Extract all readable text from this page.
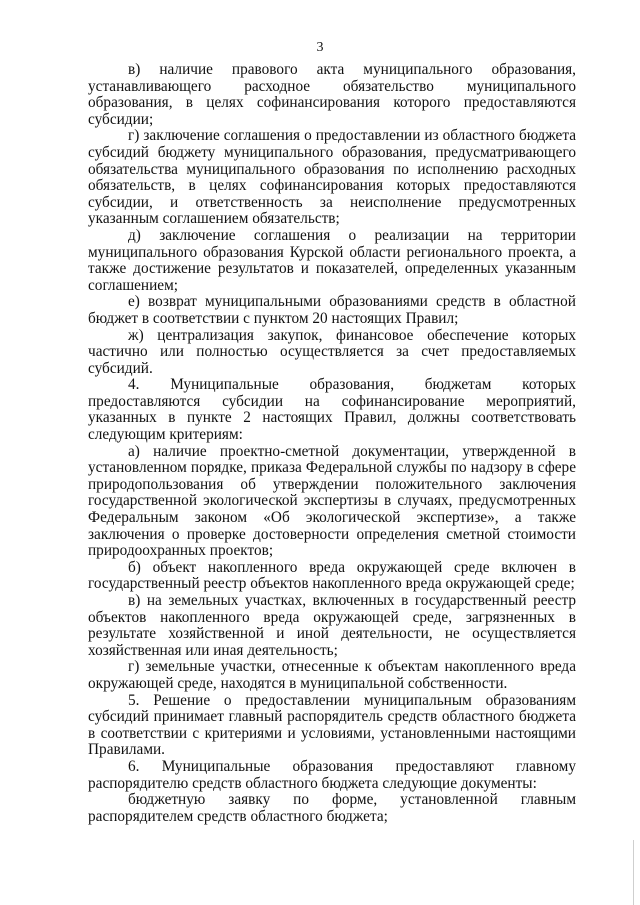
3

в) наличие правового акта муниципального образования, устанавливающего расходное обязательство муниципального образования, в целях софинансирования которого предоставляются субсидии;

г) заключение соглашения о предоставлении из областного бюджета субсидий бюджету муниципального образования, предусматривающего обязательства муниципального образования по исполнению расходных обязательств, в целях софинансирования которых предоставляются субсидии, и ответственность за неисполнение предусмотренных указанным соглашением обязательств;

д) заключение соглашения о реализации на территории муниципального образования Курской области регионального проекта, а также достижение результатов и показателей, определенных указанным соглашением;

е) возврат муниципальными образованиями средств в областной бюджет в соответствии с пунктом 20 настоящих Правил;

ж) централизация закупок, финансовое обеспечение которых частично или полностью осуществляется за счет предоставляемых субсидий.

4. Муниципальные образования, бюджетам которых предоставляются субсидии на софинансирование мероприятий, указанных в пункте 2 настоящих Правил, должны соответствовать следующим критериям:

а) наличие проектно-сметной документации, утвержденной в установленном порядке, приказа Федеральной службы по надзору в сфере природопользования об утверждении положительного заключения государственной экологической экспертизы в случаях, предусмотренных Федеральным законом «Об экологической экспертизе», а также заключения о проверке достоверности определения сметной стоимости природоохранных проектов;

б) объект накопленного вреда окружающей среде включен в государственный реестр объектов накопленного вреда окружающей среде;

в) на земельных участках, включенных в государственный реестр объектов накопленного вреда окружающей среде, загрязненных в результате хозяйственной и иной деятельности, не осуществляется хозяйственная или иная деятельность;

г) земельные участки, отнесенные к объектам накопленного вреда окружающей среде, находятся в муниципальной собственности.

5. Решение о предоставлении муниципальным образованиям субсидий принимает главный распорядитель средств областного бюджета в соответствии с критериями и условиями, установленными настоящими Правилами.

6. Муниципальные образования предоставляют главному распорядителю средств областного бюджета следующие документы:

бюджетную заявку по форме, установленной главным распорядителем средств областного бюджета;
